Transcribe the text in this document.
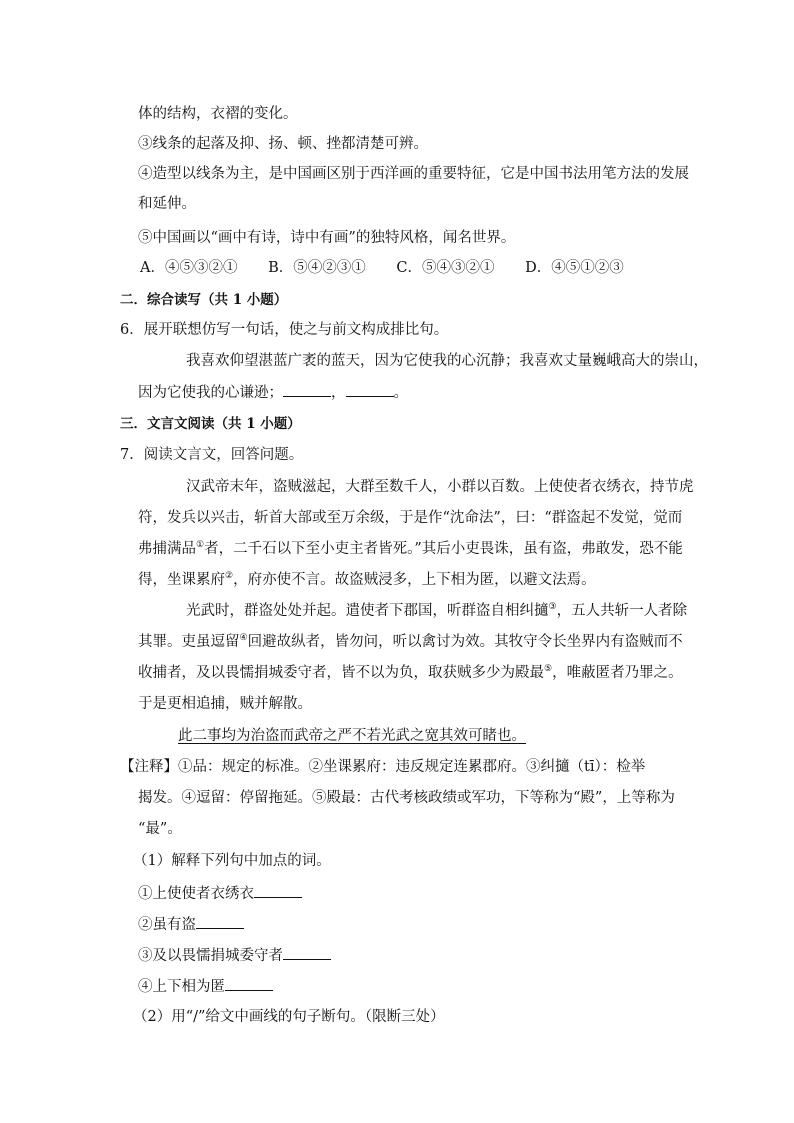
体的结构，衣褶的变化。
③线条的起落及抑、扬、顿、挫都清楚可辨。
④造型以线条为主，是中国画区别于西洋画的重要特征，它是中国书法用笔方法的发展
和延伸。
⑤中国画以“画中有诗，诗中有画”的独特风格，闻名世界。
A．④⑤③②① B．⑤④②③① C．⑤④③②① D．④⑤①②③
二．综合读写（共 1 小题）
6．展开联想仿写一句话，使之与前文构成排比句。
我喜欢仰望湛蓝广袤的蓝天，因为它使我的心沉静；我喜欢丈量巍峨高大的崇山，
因为它使我的心谦逊；	，	。
三．文言文阅读（共 1 小题）
7．阅读文言文，回答问题。
汉武帝末年，盗贼滋起，大群至数千人，小群以百数。上使使者衣绣衣，持节虎
符，发兵以兴击，斩首大部或至万余级，于是作“沈命法”，曰：“群盗起不发觉，觉而
弗捕满品①者，二千石以下至小吏主者皆死。”其后小吏畏诛，虽有盗，弗敢发，恐不能
得，坐课累府②，府亦使不言。故盗贼浸多，上下相为匿，以避文法焉。
光武时，群盗处处并起。遣使者下郡国，听群盗自相纠擿③，五人共斩一人者除
其罪。吏虽逗留④回避故纵者，皆勿问，听以禽讨为效。其牧守令长坐界内有盗贼而不
收捕者，及以畏懦捐城委守者，皆不以为负，取获贼多少为殿最⑤，唯蔽匿者乃罪之。
于是更相追捕，贼并解散。
此二事均为治盗而武帝之严不若光武之宽其效可睹也。
【注释】①品：规定的标准。②坐课累府：违反规定连累郡府。③纠擿（tī）：检举
揭发。④逗留：停留拖延。⑤殿最：古代考核政绩或军功，下等称为“殿”，上等称为
“最”。
（1）解释下列句中加点的词。
①上使使者衣绣衣
②虽有盗
③及以畏懦捐城委守者
④上下相为匿
（2）用“/”给文中画线的句子断句。（限断三处）
